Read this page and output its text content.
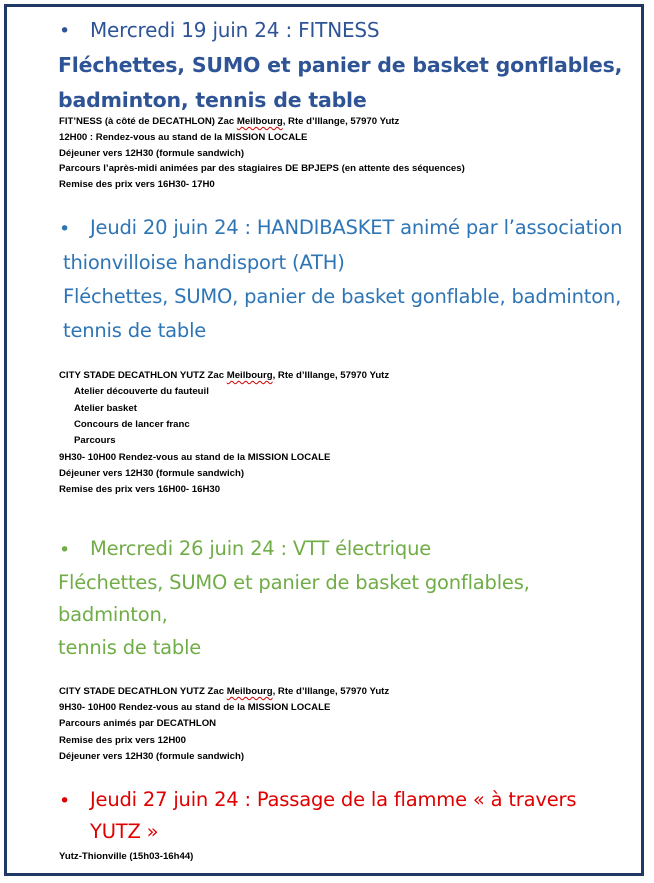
• Mercredi 19 juin 24 : FITNESS
Fléchettes, SUMO et panier de basket gonflables,
badminton, tennis de table
FIT’NESS (à côté de DECATHLON) Zac Meilbourg, Rte d’Illange, 57970 Yutz
12H00 : Rendez-vous au stand de la MISSION LOCALE
Déjeuner vers 12H30 (formule sandwich)
Parcours l’après-midi animées par des stagiaires DE BPJEPS (en attente des séquences)
Remise des prix vers 16H30- 17H0
• Jeudi 20 juin 24 : HANDIBASKET animé par l’association
thionvilloise handisport (ATH)
Fléchettes, SUMO, panier de basket gonflable, badminton,
tennis de table
CITY STADE DECATHLON YUTZ Zac Meilbourg, Rte d’Illange, 57970 Yutz
Atelier découverte du fauteuil
Atelier basket
Concours de lancer franc
Parcours
9H30- 10H00 Rendez-vous au stand de la MISSION LOCALE
Déjeuner vers 12H30 (formule sandwich)
Remise des prix vers 16H00- 16H30
• Mercredi 26 juin 24 : VTT électrique
Fléchettes, SUMO et panier de basket gonflables,
badminton,
tennis de table
CITY STADE DECATHLON YUTZ Zac Meilbourg, Rte d’Illange, 57970 Yutz
9H30- 10H00 Rendez-vous au stand de la MISSION LOCALE
Parcours animés par DECATHLON
Remise des prix vers 12H00
Déjeuner vers 12H30 (formule sandwich)
• Jeudi 27 juin 24 : Passage de la flamme « à travers
YUTZ »
Yutz-Thionville (15h03-16h44)
